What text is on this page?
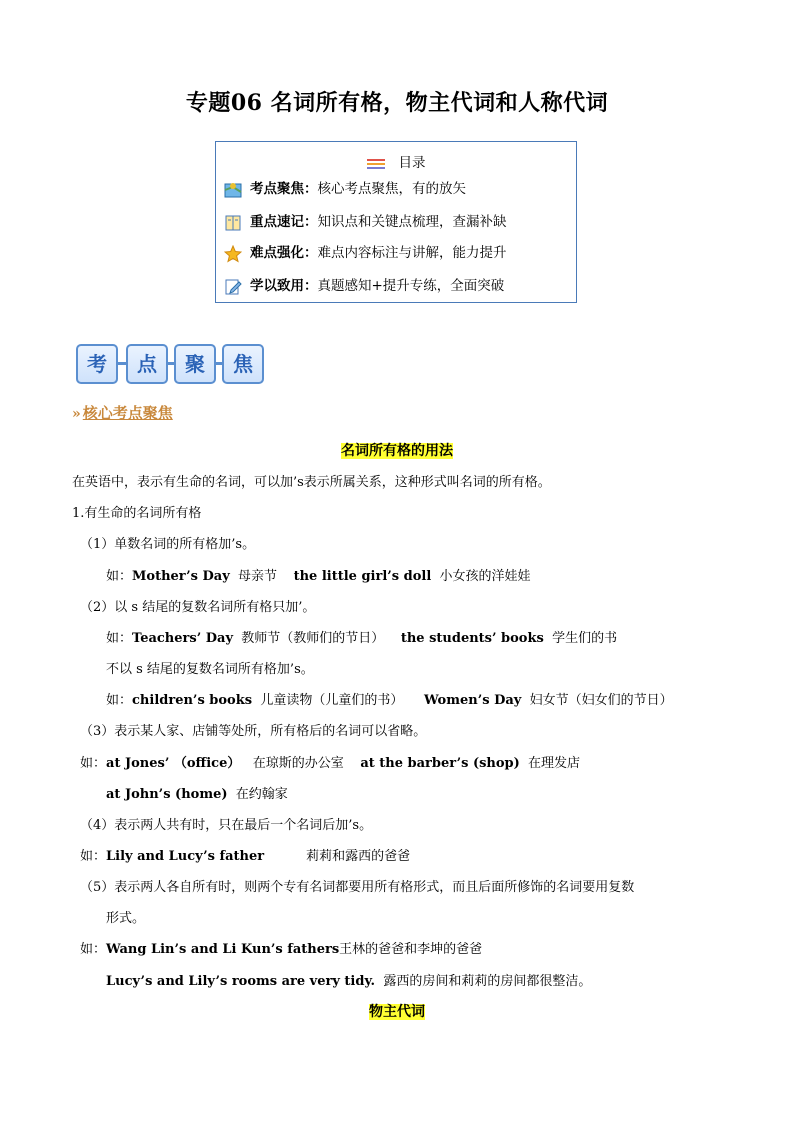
专题06 名词所有格，物主代词和人称代词
目录
考点聚焦：核心考点聚焦，有的放矢
重点速记：知识点和关键点梳理，查漏补缺
难点强化：难点内容标注与讲解，能力提升
学以致用：真题感知+提升专练，全面突破
考	点	聚	焦
» 核心考点聚焦
名词所有格的用法
在英语中，表示有生命的名词，可以加’s表示所属关系，这种形式叫名词的所有格。
1.有生命的名词所有格
（1）单数名词的所有格加’s。
如：Mother’s Day 母亲节 the little girl’s doll 小女孩的洋娃娃
（2）以 s 结尾的复数名词所有格只加’。
如：Teachers’ Day 教师节（教师们的节日） the students’ books 学生们的书
不以 s 结尾的复数名词所有格加’s。
如：children’s books 儿童读物（儿童们的书） Women’s Day 妇女节（妇女们的节日）
（3）表示某人家、店铺等处所，所有格后的名词可以省略。
如：at Jones’ （office） 在琼斯的办公室 at the barber’s (shop) 在理发店
at John’s (home) 在约翰家
（4）表示两人共有时，只在最后一个名词后加’s。
如：Lily and Lucy’s father	莉莉和露西的爸爸
（5）表示两人各自所有时，则两个专有名词都要用所有格形式，而且后面所修饰的名词要用复数
形式。
如：Wang Lin’s and Li Kun’s fathers王林的爸爸和李坤的爸爸
Lucy’s and Lily’s rooms are very tidy. 露西的房间和莉莉的房间都很整洁。
物主代词
